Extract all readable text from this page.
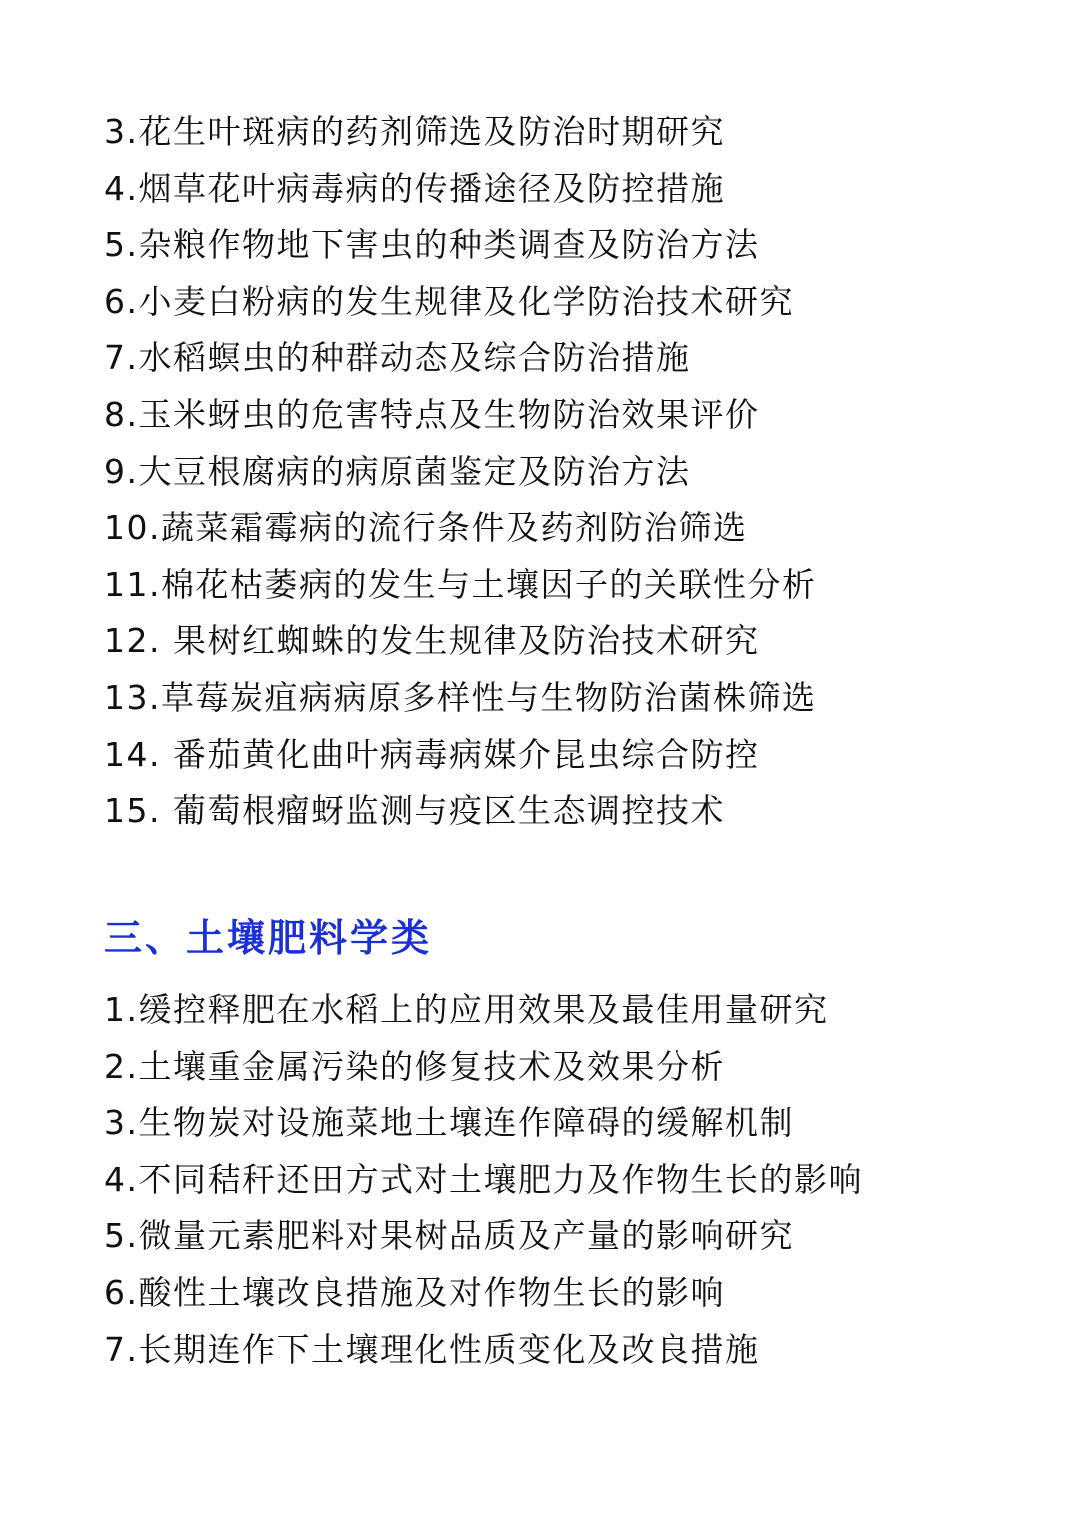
3.花生叶斑病的药剂筛选及防治时期研究
4.烟草花叶病毒病的传播途径及防控措施
5.杂粮作物地下害虫的种类调查及防治方法
6.小麦白粉病的发生规律及化学防治技术研究
7.水稻螟虫的种群动态及综合防治措施
8.玉米蚜虫的危害特点及生物防治效果评价
9.大豆根腐病的病原菌鉴定及防治方法
10.蔬菜霜霉病的流行条件及药剂防治筛选
11.棉花枯萎病的发生与土壤因子的关联性分析
12. 果树红蜘蛛的发生规律及防治技术研究
13.草莓炭疽病病原多样性与生物防治菌株筛选
14. 番茄黄化曲叶病毒病媒介昆虫综合防控
15. 葡萄根瘤蚜监测与疫区生态调控技术
三、土壤肥料学类
1.缓控释肥在水稻上的应用效果及最佳用量研究
2.土壤重金属污染的修复技术及效果分析
3.生物炭对设施菜地土壤连作障碍的缓解机制
4.不同秸秆还田方式对土壤肥力及作物生长的影响
5.微量元素肥料对果树品质及产量的影响研究
6.酸性土壤改良措施及对作物生长的影响
7.长期连作下土壤理化性质变化及改良措施
